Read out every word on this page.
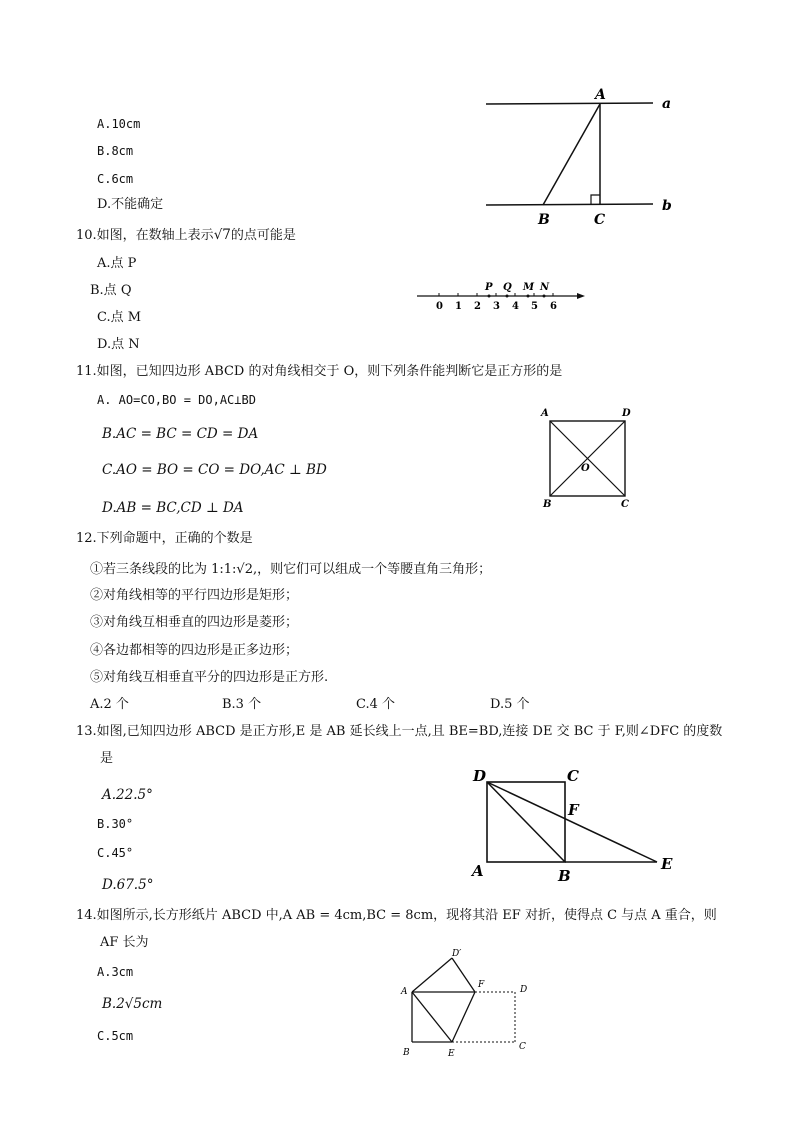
A.10cm
B.8cm
C.6cm
D.不能确定
A
a
B	C
b
10.如图，在数轴上表示√7的点可能是
A.点 P
B.点 Q
C.点 M
D.点 N
0 1 2 3 4 5 6
P Q M N
11.如图，已知四边形 ABCD 的对角线相交于 O，则下列条件能判断它是正方形的是
A. AO=CO,BO = DO,AC⊥BD
B.AC = BC = CD = DA
C.AO = BO = CO = DO,AC ⊥ BD
D.AB = BC,CD ⊥ DA
A	D
B	C
O
12.下列命题中，正确的个数是
①若三条线段的比为 1:1:√2,，则它们可以组成一个等腰直角三角形；
②对角线相等的平行四边形是矩形；
③对角线互相垂直的四边形是菱形；
④各边都相等的四边形是正多边形；
⑤对角线互相垂直平分的四边形是正方形.
A.2 个	B.3 个	C.4 个	D.5 个
13.如图,已知四边形 ABCD 是正方形,E 是 AB 延长线上一点,且 BE=BD,连接 DE 交 BC 于 F,则∠DFC 的度数
是
A.22.5°
B.30°
C.45°
D.67.5°
D	C
F
A	B
E
14.如图所示,长方形纸片 ABCD 中,A AB = 4cm,BC = 8cm，现将其沿 EF 对折，使得点 C 与点 A 重合，则
AF 长为
A.3cm
B.2√5cm
C.5cm
D′
A
F	D
B	E
C
